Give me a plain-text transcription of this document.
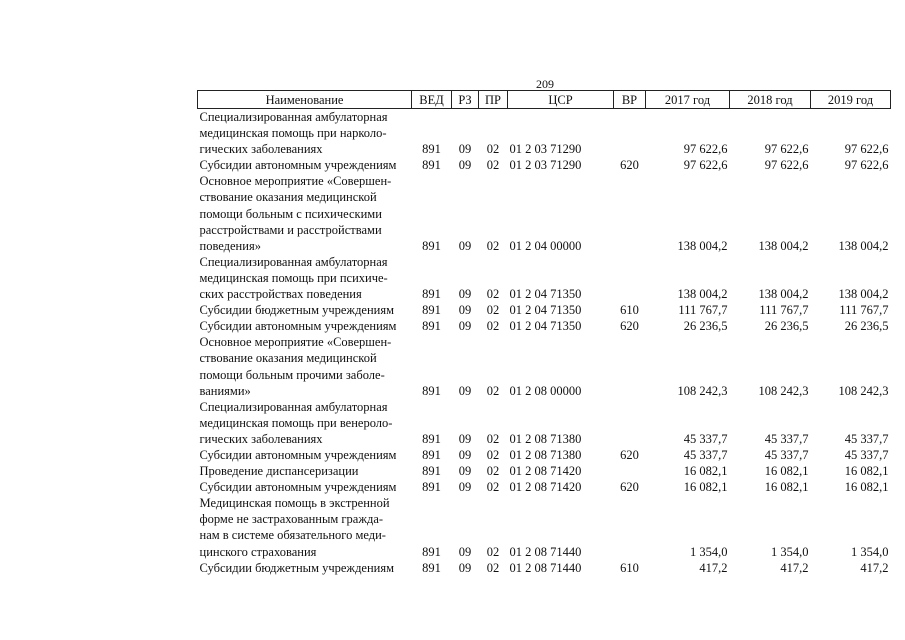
209
Наименование	ВЕД	РЗ	ПР	ЦСР	ВР	2017 год	2018 год	2019 год
Специализированная амбулаторная
медицинская помощь при нарколо-
гических заболеваниях	891	09	02	01 2 03 71290		97 622,6	97 622,6	97 622,6
Субсидии автономным учреждениям	891	09	02	01 2 03 71290	620	97 622,6	97 622,6	97 622,6
Основное мероприятие «Совершен-
ствование оказания медицинской
помощи больным с психическими
расстройствами и расстройствами
поведения»	891	09	02	01 2 04 00000		138 004,2	138 004,2	138 004,2
Специализированная амбулаторная
медицинская помощь при психиче-
ских расстройствах поведения	891	09	02	01 2 04 71350		138 004,2	138 004,2	138 004,2
Субсидии бюджетным учреждениям	891	09	02	01 2 04 71350	610	111 767,7	111 767,7	111 767,7
Субсидии автономным учреждениям	891	09	02	01 2 04 71350	620	26 236,5	26 236,5	26 236,5
Основное мероприятие «Совершен-
ствование оказания медицинской
помощи больным прочими заболе-
ваниями»	891	09	02	01 2 08 00000		108 242,3	108 242,3	108 242,3
Специализированная амбулаторная
медицинская помощь при венероло-
гических заболеваниях	891	09	02	01 2 08 71380		45 337,7	45 337,7	45 337,7
Субсидии автономным учреждениям	891	09	02	01 2 08 71380	620	45 337,7	45 337,7	45 337,7
Проведение диспансеризации	891	09	02	01 2 08 71420		16 082,1	16 082,1	16 082,1
Субсидии автономным учреждениям	891	09	02	01 2 08 71420	620	16 082,1	16 082,1	16 082,1
Медицинская помощь в экстренной
форме не застрахованным гражда-
нам в системе обязательного меди-
цинского страхования	891	09	02	01 2 08 71440		1 354,0	1 354,0	1 354,0
Субсидии бюджетным учреждениям	891	09	02	01 2 08 71440	610	417,2	417,2	417,2
